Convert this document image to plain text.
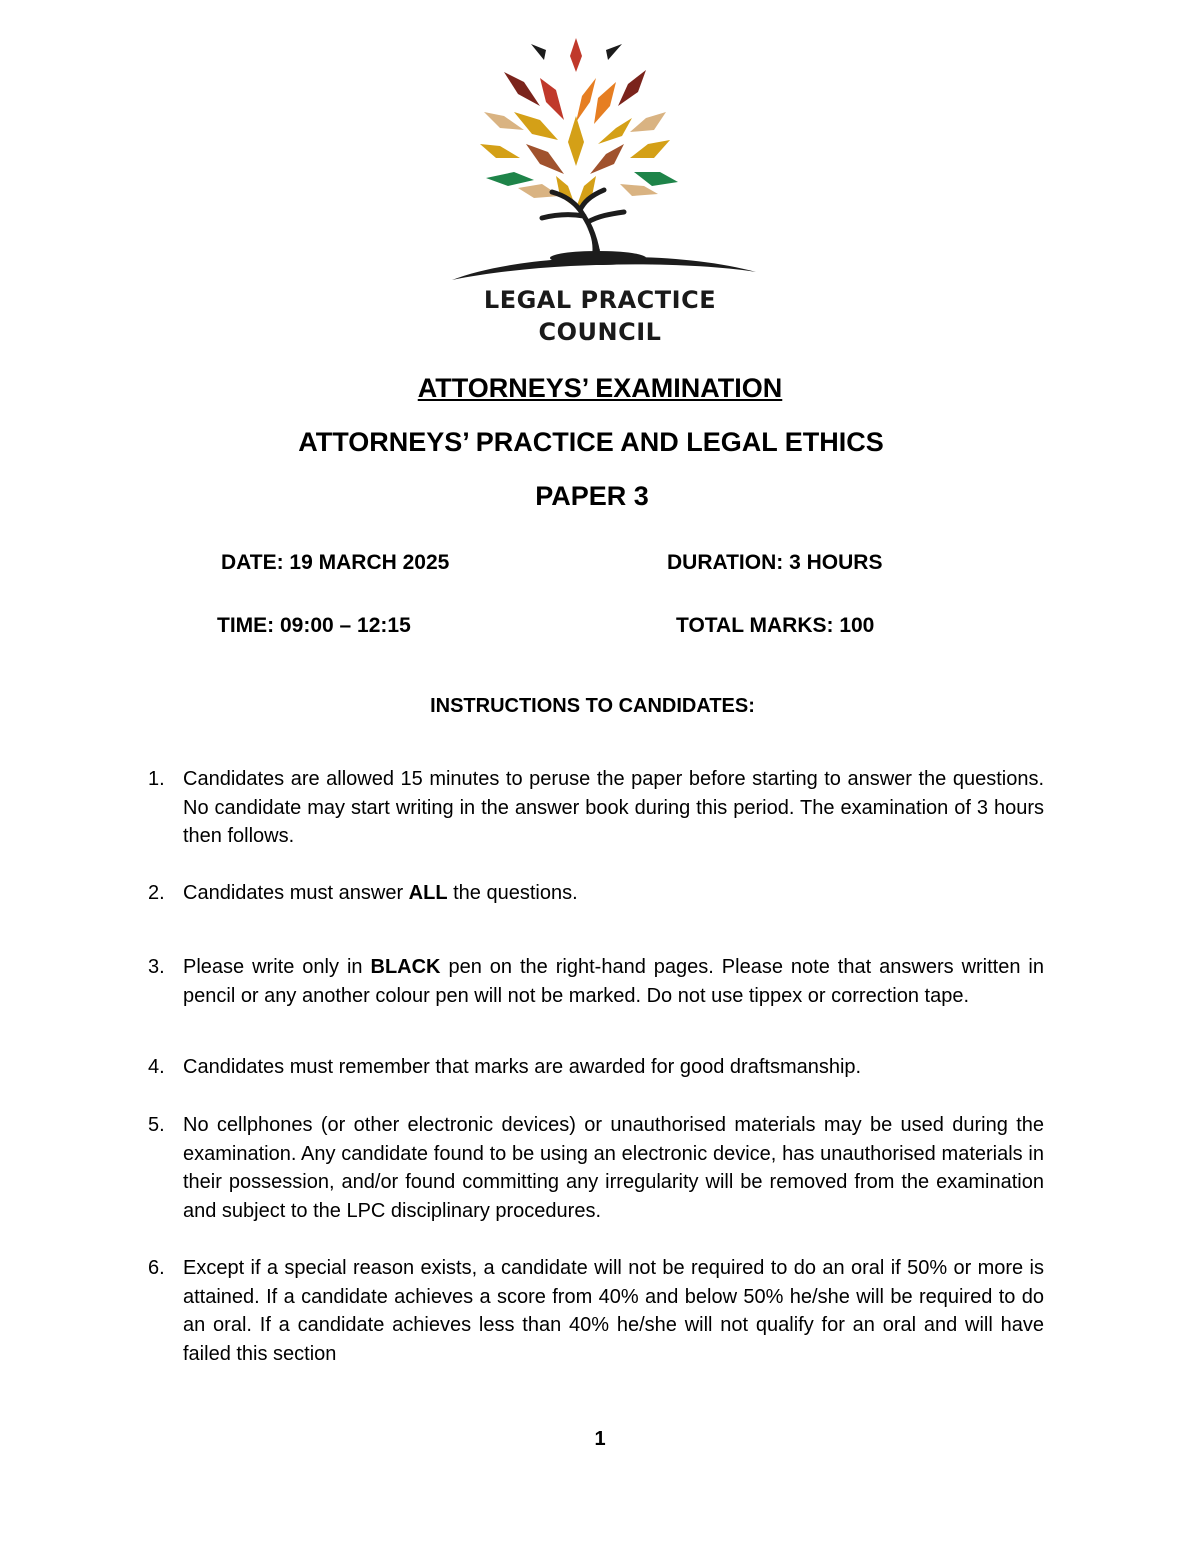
LEGAL PRACTICE
COUNCIL
ATTORNEYS’ EXAMINATION
ATTORNEYS’ PRACTICE AND LEGAL ETHICS
PAPER 3
DATE: 19 MARCH 2025	DURATION: 3 HOURS
TIME: 09:00 – 12:15	TOTAL MARKS: 100
INSTRUCTIONS TO CANDIDATES:
1. Candidates are allowed 15 minutes to peruse the paper before starting to answer the questions. No candidate may start writing in the answer book during this period. The examination of 3 hours then follows.
2. Candidates must answer ALL the questions.
3. Please write only in BLACK pen on the right-hand pages. Please note that answers written in pencil or any another colour pen will not be marked. Do not use tippex or correction tape.
4. Candidates must remember that marks are awarded for good draftsmanship.
5. No cellphones (or other electronic devices) or unauthorised materials may be used during the examination. Any candidate found to be using an electronic device, has unauthorised materials in their possession, and/or found committing any irregularity will be removed from the examination and subject to the LPC disciplinary procedures.
6. Except if a special reason exists, a candidate will not be required to do an oral if 50% or more is attained. If a candidate achieves a score from 40% and below 50% he/she will be required to do an oral. If a candidate achieves less than 40% he/she will not qualify for an oral and will have failed this section
1
